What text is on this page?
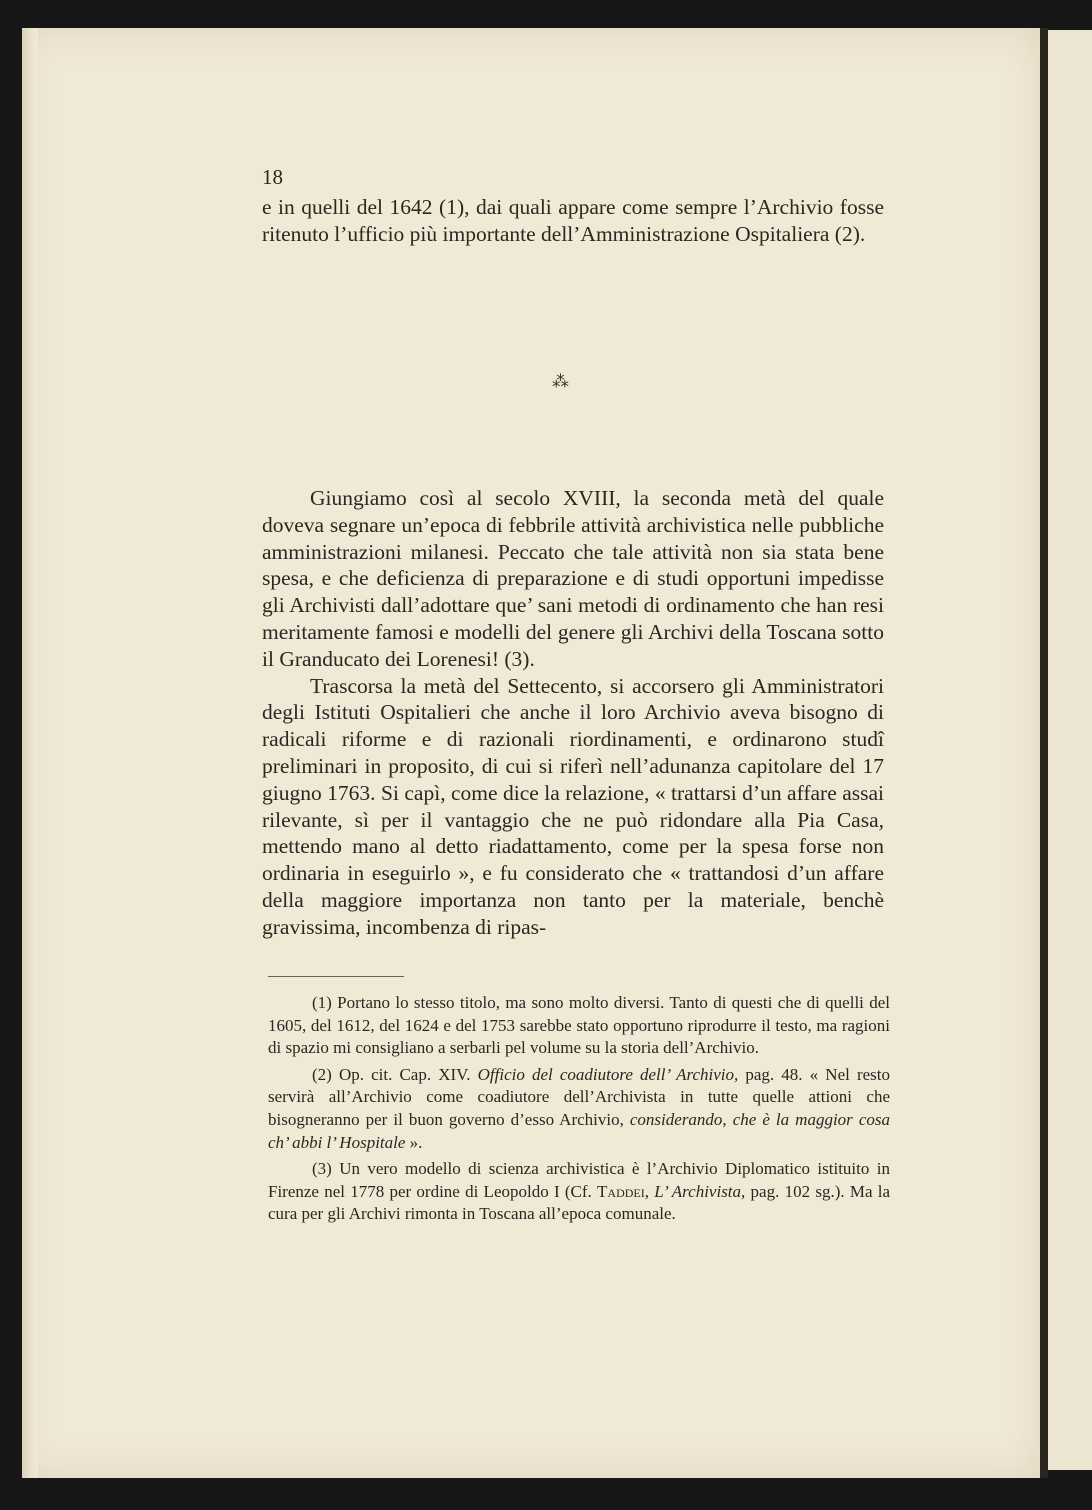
18

e in quelli del 1642 (1), dai quali appare come sempre l’Archivio fosse ritenuto l’ufficio più importante dell’Amministrazione Ospitaliera (2).

⁂

Giungiamo così al secolo XVIII, la seconda metà del quale doveva segnare un’epoca di febbrile attività archivistica nelle pubbliche amministrazioni milanesi. Peccato che tale attività non sia stata bene spesa, e che deficienza di preparazione e di studi opportuni impedisse gli Archivisti dall’adottare que’ sani metodi di ordinamento che han resi meritamente famosi e modelli del genere gli Archivi della Toscana sotto il Granducato dei Lorenesi! (3).

Trascorsa la metà del Settecento, si accorsero gli Amministratori degli Istituti Ospitalieri che anche il loro Archivio aveva bisogno di radicali riforme e di razionali riordinamenti, e ordinarono studî preliminari in proposito, di cui si riferì nell’adunanza capitolare del 17 giugno 1763. Si capì, come dice la relazione, « trattarsi d’un affare assai rilevante, sì per il vantaggio che ne può ridondare alla Pia Casa, mettendo mano al detto riadattamento, come per la spesa forse non ordinaria in eseguirlo », e fu considerato che « trattandosi d’un affare della maggiore importanza non tanto per la materiale, benchè gravissima, incombenza di ripas-

(1) Portano lo stesso titolo, ma sono molto diversi. Tanto di questi che di quelli del 1605, del 1612, del 1624 e del 1753 sarebbe stato opportuno riprodurre il testo, ma ragioni di spazio mi consigliano a serbarli pel volume su la storia dell’Archivio.

(2) Op. cit. Cap. XIV. Officio del coadiutore dell’ Archivio, pag. 48. « Nel resto servirà all’Archivio come coadiutore dell’Archivista in tutte quelle attioni che bisogneranno per il buon governo d’esso Archivio, considerando, che è la maggior cosa ch’ abbi l’ Hospitale ».

(3) Un vero modello di scienza archivistica è l’Archivio Diplomatico istituito in Firenze nel 1778 per ordine di Leopoldo I (Cf. Taddei, L’ Archivista, pag. 102 sg.). Ma la cura per gli Archivi rimonta in Toscana all’epoca comunale.
